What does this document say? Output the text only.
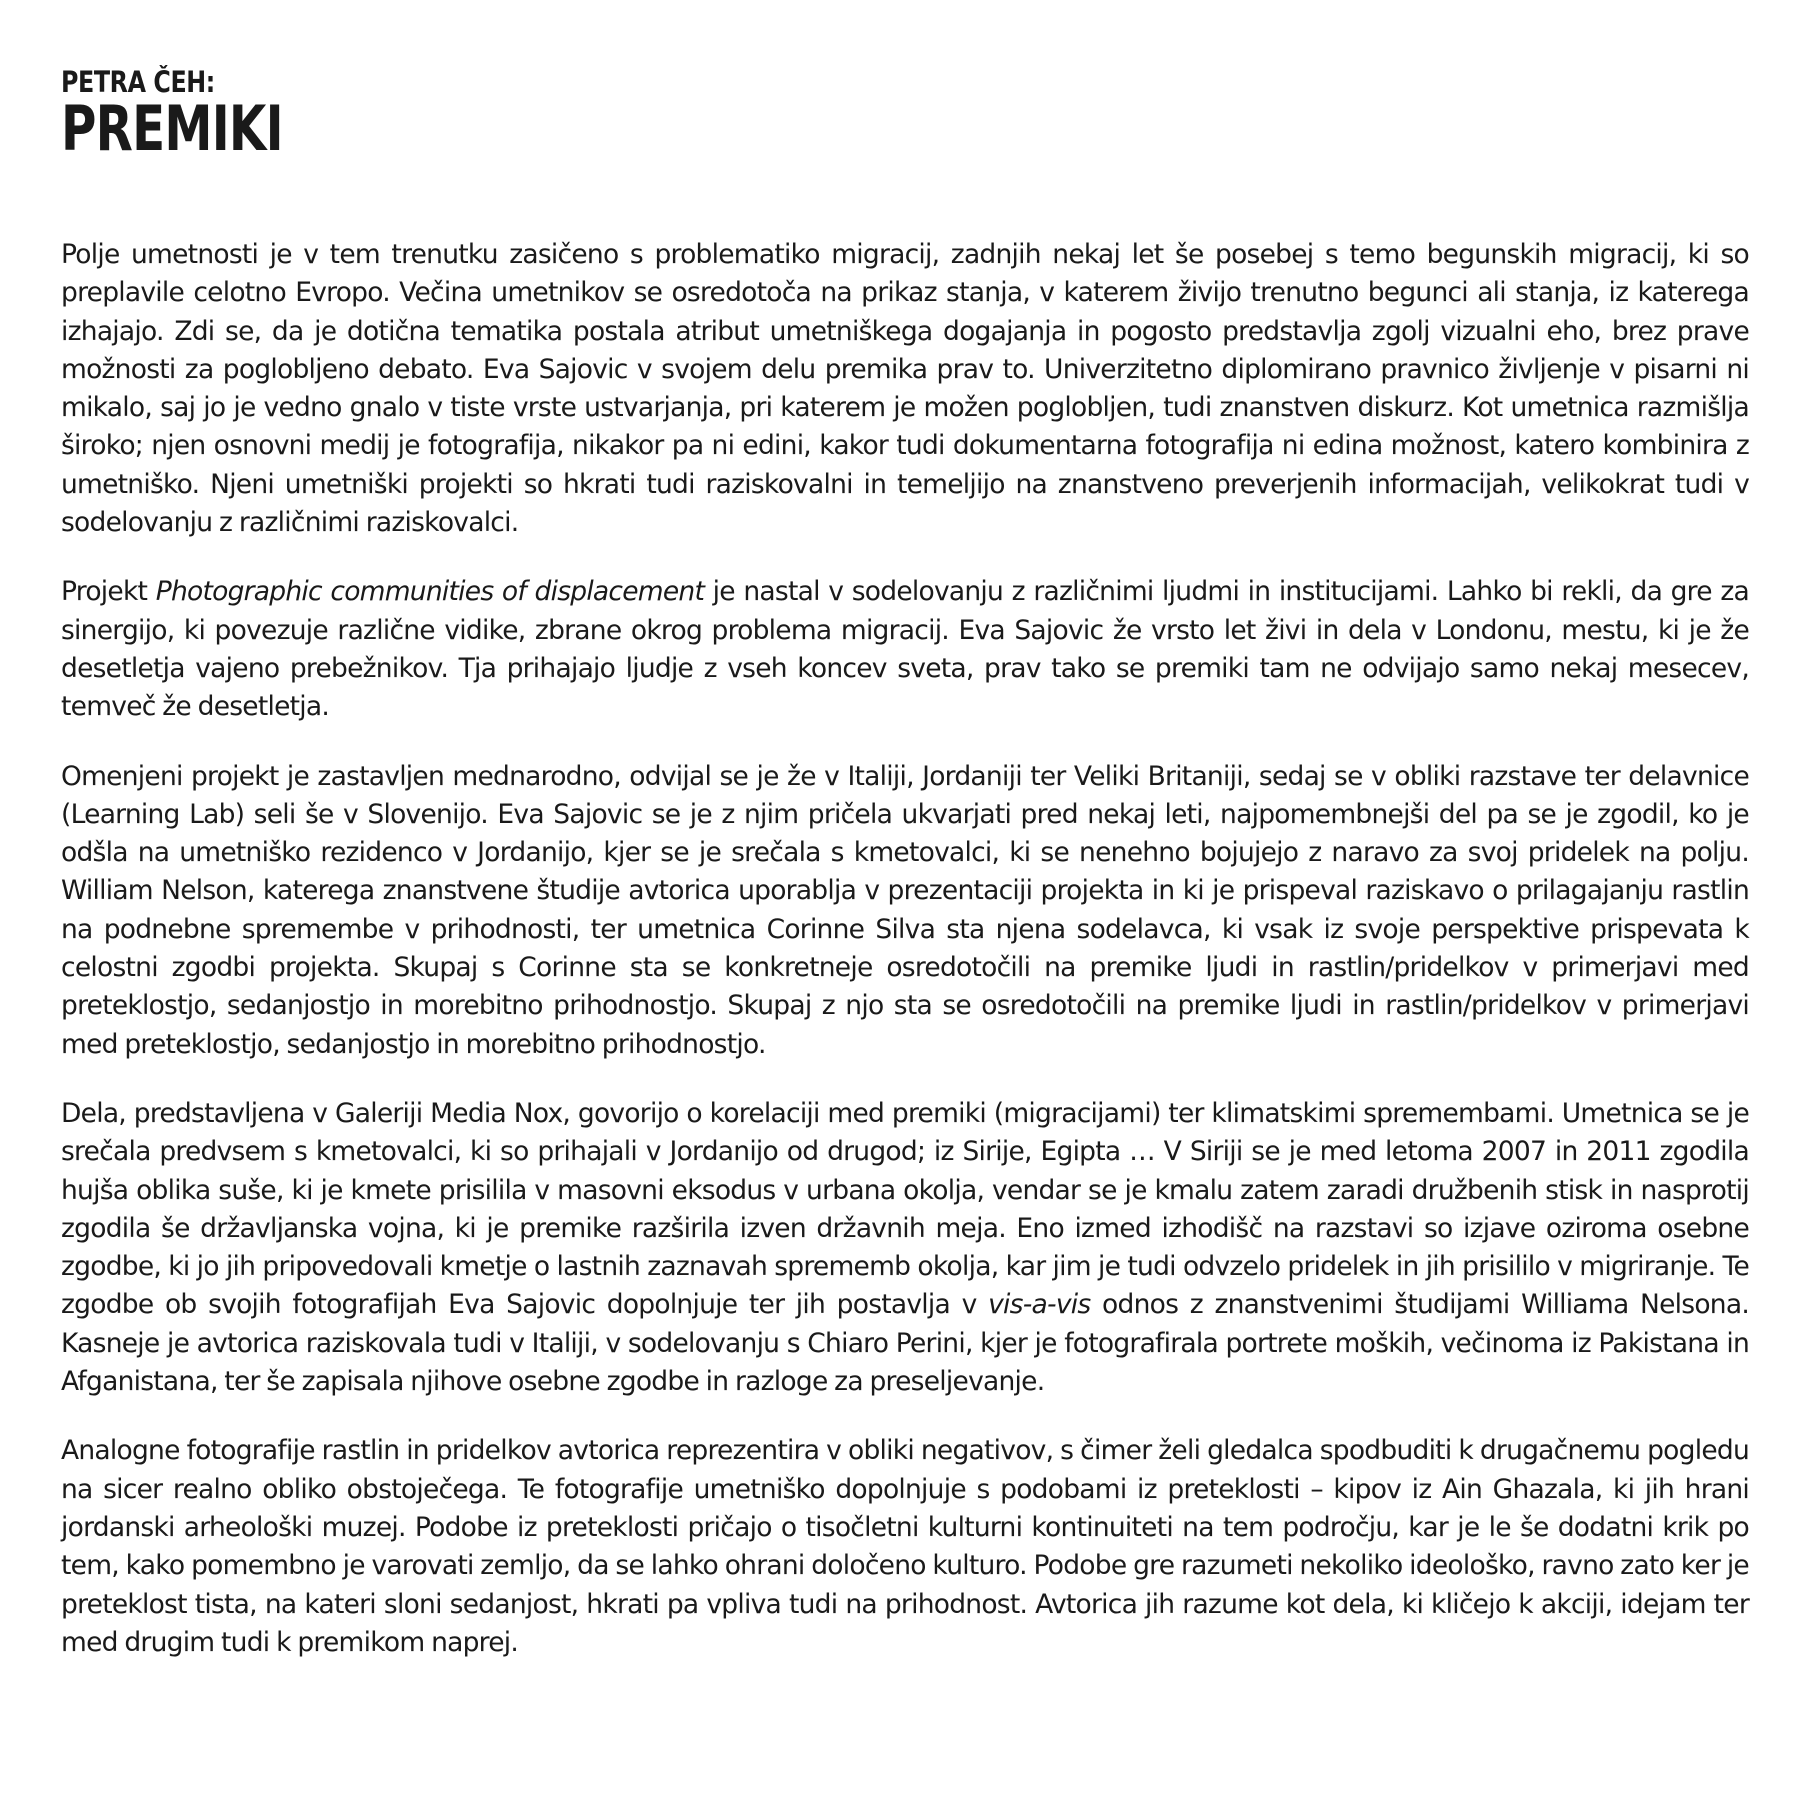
PETRA ČEH:
PREMIKI

Polje umetnosti je v tem trenutku zasičeno s problematiko migracij, zadnjih nekaj let še posebej s temo begunskih migracij, ki so preplavile celotno Evropo. Večina umetnikov se osredotoča na prikaz stanja, v katerem živijo trenutno begunci ali stanja, iz katerega izhajajo. Zdi se, da je dotična tematika postala atribut umetniškega dogajanja in pogosto predstavlja zgolj vizualni eho, brez prave možnosti za poglobljeno debato. Eva Sajovic v svojem delu premika prav to. Univerzitetno diplomirano pravnico življenje v pisarni ni mikalo, saj jo je vedno gnalo v tiste vrste ustvarjanja, pri katerem je možen poglobljen, tudi znanstven diskurz. Kot umetnica razmišlja široko; njen osnovni medij je fotografija, nikakor pa ni edini, kakor tudi dokumentarna fotografija ni edina možnost, katero kombinira z umetniško. Njeni umetniški projekti so hkrati tudi raziskovalni in temeljijo na znanstveno preverjenih informacijah, velikokrat tudi v sodelovanju z različnimi raziskovalci.

Projekt Photographic communities of displacement je nastal v sodelovanju z različnimi ljudmi in institucijami. Lahko bi rekli, da gre za sinergijo, ki povezuje različne vidike, zbrane okrog problema migracij. Eva Sajovic že vrsto let živi in dela v Londonu, mestu, ki je že desetletja vajeno prebežnikov. Tja prihajajo ljudje z vseh koncev sveta, prav tako se premiki tam ne odvijajo samo nekaj mesecev, temveč že desetletja.

Omenjeni projekt je zastavljen mednarodno, odvijal se je že v Italiji, Jordaniji ter Veliki Britaniji, sedaj se v obliki razstave ter delavnice (Learning Lab) seli še v Slovenijo. Eva Sajovic se je z njim pričela ukvarjati pred nekaj leti, najpomembnejši del pa se je zgodil, ko je odšla na umetniško rezidenco v Jordanijo, kjer se je srečala s kmetovalci, ki se nenehno bojujejo z naravo za svoj pridelek na polju. William Nelson, katerega znanstvene študije avtorica uporablja v prezentaciji projekta in ki je prispeval raziskavo o prilagajanju rastlin na podnebne spremembe v prihodnosti, ter umetnica Corinne Silva sta njena sodelavca, ki vsak iz svoje perspektive prispevata k celostni zgodbi projekta. Skupaj s Corinne sta se konkretneje osredotočili na premike ljudi in rastlin/pridelkov v primerjavi med preteklostjo, sedanjostjo in morebitno prihodnostjo. Skupaj z njo sta se osredotočili na premike ljudi in rastlin/pridelkov v primerjavi med preteklostjo, sedanjostjo in morebitno prihodnostjo.

Dela, predstavljena v Galeriji Media Nox, govorijo o korelaciji med premiki (migracijami) ter klimatskimi spremembami. Umetnica se je srečala predvsem s kmetovalci, ki so prihajali v Jordanijo od drugod; iz Sirije, Egipta … V Siriji se je med letoma 2007 in 2011 zgodila hujša oblika suše, ki je kmete prisilila v masovni eksodus v urbana okolja, vendar se je kmalu zatem zaradi družbenih stisk in nasprotij zgodila še državljanska vojna, ki je premike razširila izven državnih meja. Eno izmed izhodišč na razstavi so izjave oziroma osebne zgodbe, ki jo jih pripovedovali kmetje o lastnih zaznavah sprememb okolja, kar jim je tudi odvzelo pridelek in jih prisililo v migriranje. Te zgodbe ob svojih fotografijah Eva Sajovic dopolnjuje ter jih postavlja v vis-a-vis odnos z znanstvenimi študijami Williama Nelsona. Kasneje je avtorica raziskovala tudi v Italiji, v sodelovanju s Chiaro Perini, kjer je fotografirala portrete moških, večinoma iz Pakistana in Afganistana, ter še zapisala njihove osebne zgodbe in razloge za preseljevanje.

Analogne fotografije rastlin in pridelkov avtorica reprezentira v obliki negativov, s čimer želi gledalca spodbuditi k drugačnemu pogledu na sicer realno obliko obstoječega. Te fotografije umetniško dopolnjuje s podobami iz preteklosti – kipov iz Ain Ghazala, ki jih hrani jordanski arheološki muzej. Podobe iz preteklosti pričajo o tisočletni kulturni kontinuiteti na tem področju, kar je le še dodatni krik po tem, kako pomembno je varovati zemljo, da se lahko ohrani določeno kulturo. Podobe gre razumeti nekoliko ideološko, ravno zato ker je preteklost tista, na kateri sloni sedanjost, hkrati pa vpliva tudi na prihodnost. Avtorica jih razume kot dela, ki kličejo k akciji, idejam ter med drugim tudi k premikom naprej.
